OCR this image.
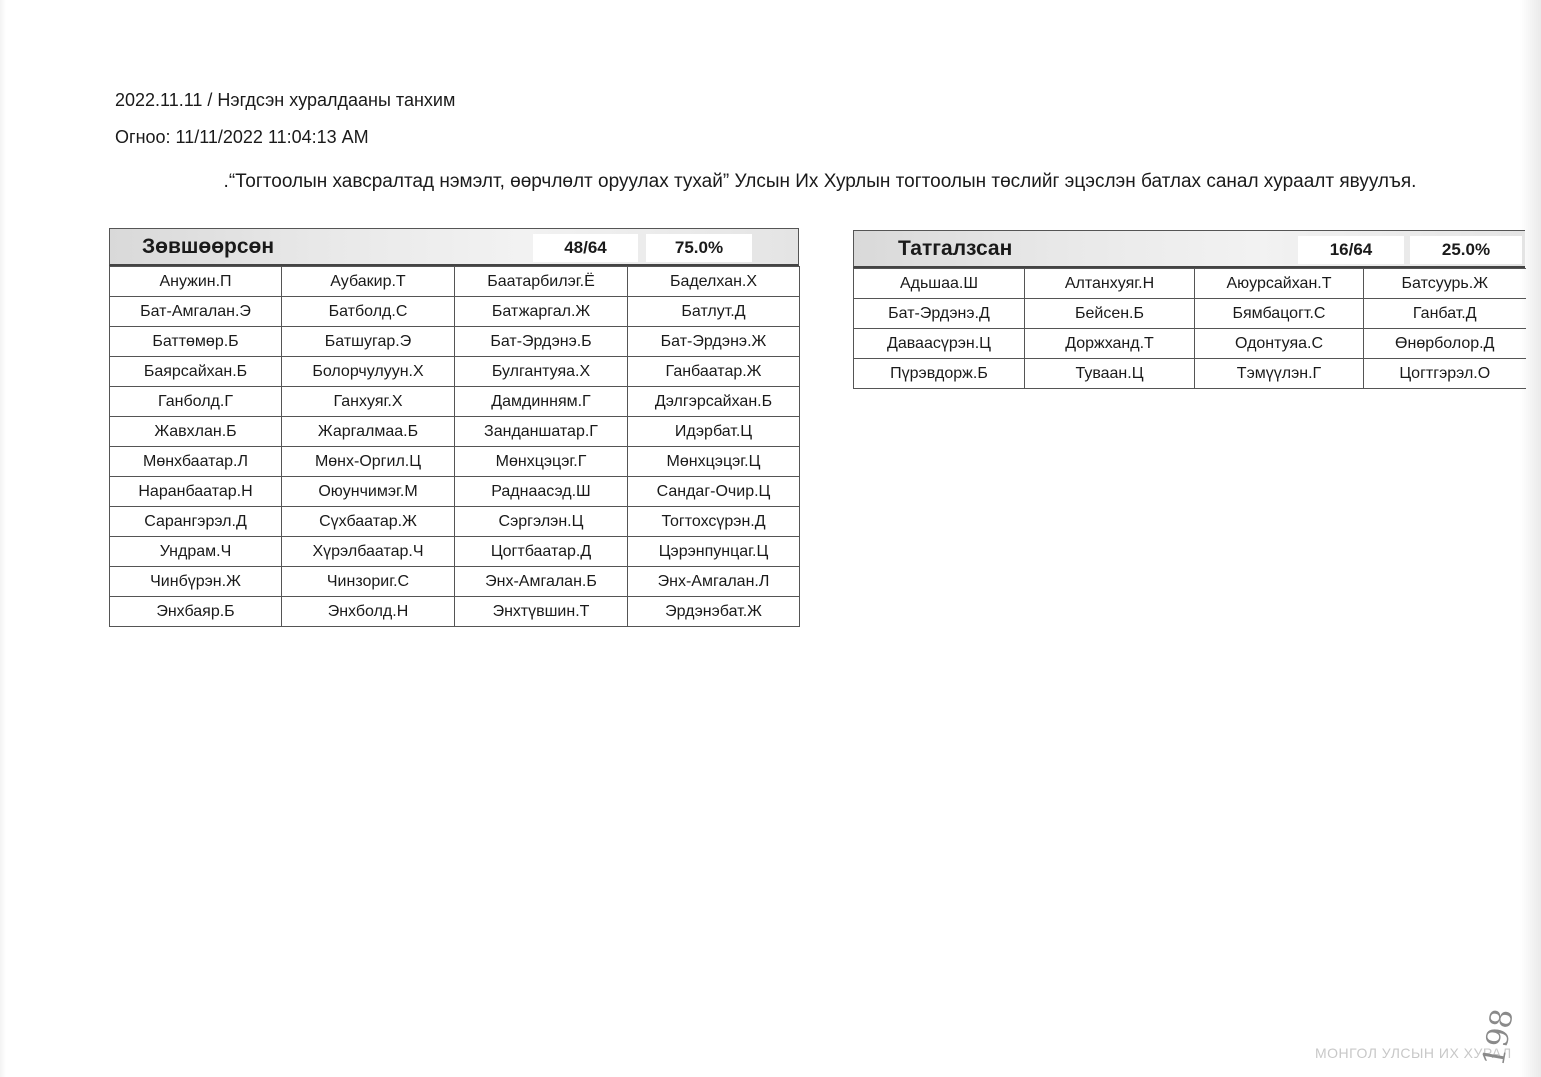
2022.11.11 / Нэгдсэн хуралдааны танхим
Огноо: 11/11/2022 11:04:13 AM
.“Тогтоолын хавсралтад нэмэлт, өөрчлөлт оруулах тухай” Улсын Их Хурлын тогтоолын төслийг эцэслэн батлах санал хураалт явуулъя.
Зөвшөөрсөн	48/64	75.0%
Анужин.П	Аубакир.Т	Баатарбилэг.Ё	Баделхан.Х
Бат-Амгалан.Э	Батболд.С	Батжаргал.Ж	Батлут.Д
Баттөмөр.Б	Батшугар.Э	Бат-Эрдэнэ.Б	Бат-Эрдэнэ.Ж
Баярсайхан.Б	Болорчулуун.Х	Булгантуяа.Х	Ганбаатар.Ж
Ганболд.Г	Ганхуяг.Х	Дамдинням.Г	Дэлгэрсайхан.Б
Жавхлан.Б	Жаргалмаа.Б	Занданшатар.Г	Идэрбат.Ц
Мөнхбаатар.Л	Мөнх-Оргил.Ц	Мөнхцэцэг.Г	Мөнхцэцэг.Ц
Наранбаатар.Н	Оюунчимэг.М	Раднаасэд.Ш	Сандаг-Очир.Ц
Сарангэрэл.Д	Сүхбаатар.Ж	Сэргэлэн.Ц	Тогтохсүрэн.Д
Ундрам.Ч	Хүрэлбаатар.Ч	Цогтбаатар.Д	Цэрэнпунцаг.Ц
Чинбүрэн.Ж	Чинзориг.С	Энх-Амгалан.Б	Энх-Амгалан.Л
Энхбаяр.Б	Энхболд.Н	Энхтүвшин.Т	Эрдэнэбат.Ж
Татгалзсан	16/64	25.0%
Адьшаа.Ш	Алтанхуяг.Н	Аюурсайхан.Т	Батсуурь.Ж
Бат-Эрдэнэ.Д	Бейсен.Б	Бямбацогт.С	Ганбат.Д
Даваасүрэн.Ц	Доржханд.Т	Одонтуяа.С	Өнөрболор.Д
Пүрэвдорж.Б	Туваан.Ц	Тэмүүлэн.Г	Цогтгэрэл.О
МОНГОЛ УЛСЫН ИХ ХУРАЛ
198
